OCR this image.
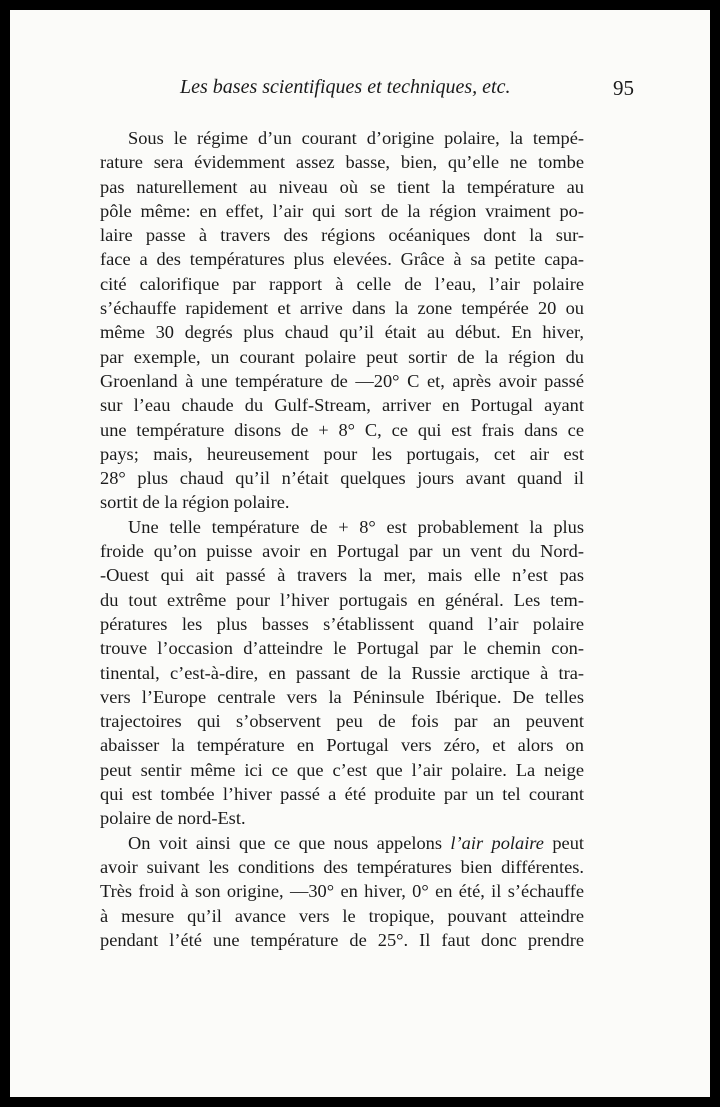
Les bases scientifiques et techniques, etc.	95

Sous le régime d’un courant d’origine polaire, la tempé-
rature sera évidemment assez basse, bien, qu’elle ne tombe
pas naturellement au niveau où se tient la température au
pôle même: en effet, l’air qui sort de la région vraiment po-
laire passe à travers des régions océaniques dont la sur-
face a des températures plus elevées. Grâce à sa petite capa-
cité calorifique par rapport à celle de l’eau, l’air polaire
s’échauffe rapidement et arrive dans la zone tempérée 20 ou
même 30 degrés plus chaud qu’il était au début. En hiver,
par exemple, un courant polaire peut sortir de la région du
Groenland à une température de —20° C et, après avoir passé
sur l’eau chaude du Gulf-Stream, arriver en Portugal ayant
une température disons de + 8° C, ce qui est frais dans ce
pays; mais, heureusement pour les portugais, cet air est
28° plus chaud qu’il n’était quelques jours avant quand il
sortit de la région polaire.

Une telle température de + 8° est probablement la plus
froide qu’on puisse avoir en Portugal par un vent du Nord-
-Ouest qui ait passé à travers la mer, mais elle n’est pas
du tout extrême pour l’hiver portugais en général. Les tem-
pératures les plus basses s’établissent quand l’air polaire
trouve l’occasion d’atteindre le Portugal par le chemin con-
tinental, c’est-à-dire, en passant de la Russie arctique à tra-
vers l’Europe centrale vers la Péninsule Ibérique. De telles
trajectoires qui s’observent peu de fois par an peuvent
abaisser la température en Portugal vers zéro, et alors on
peut sentir même ici ce que c’est que l’air polaire. La neige
qui est tombée l’hiver passé a été produite par un tel courant
polaire de nord-Est.

On voit ainsi que ce que nous appelons l’air polaire peut
avoir suivant les conditions des températures bien différentes.
Très froid à son origine, —30° en hiver, 0° en été, il s’échauffe
à mesure qu’il avance vers le tropique, pouvant atteindre
pendant l’été une température de 25°. Il faut donc prendre
